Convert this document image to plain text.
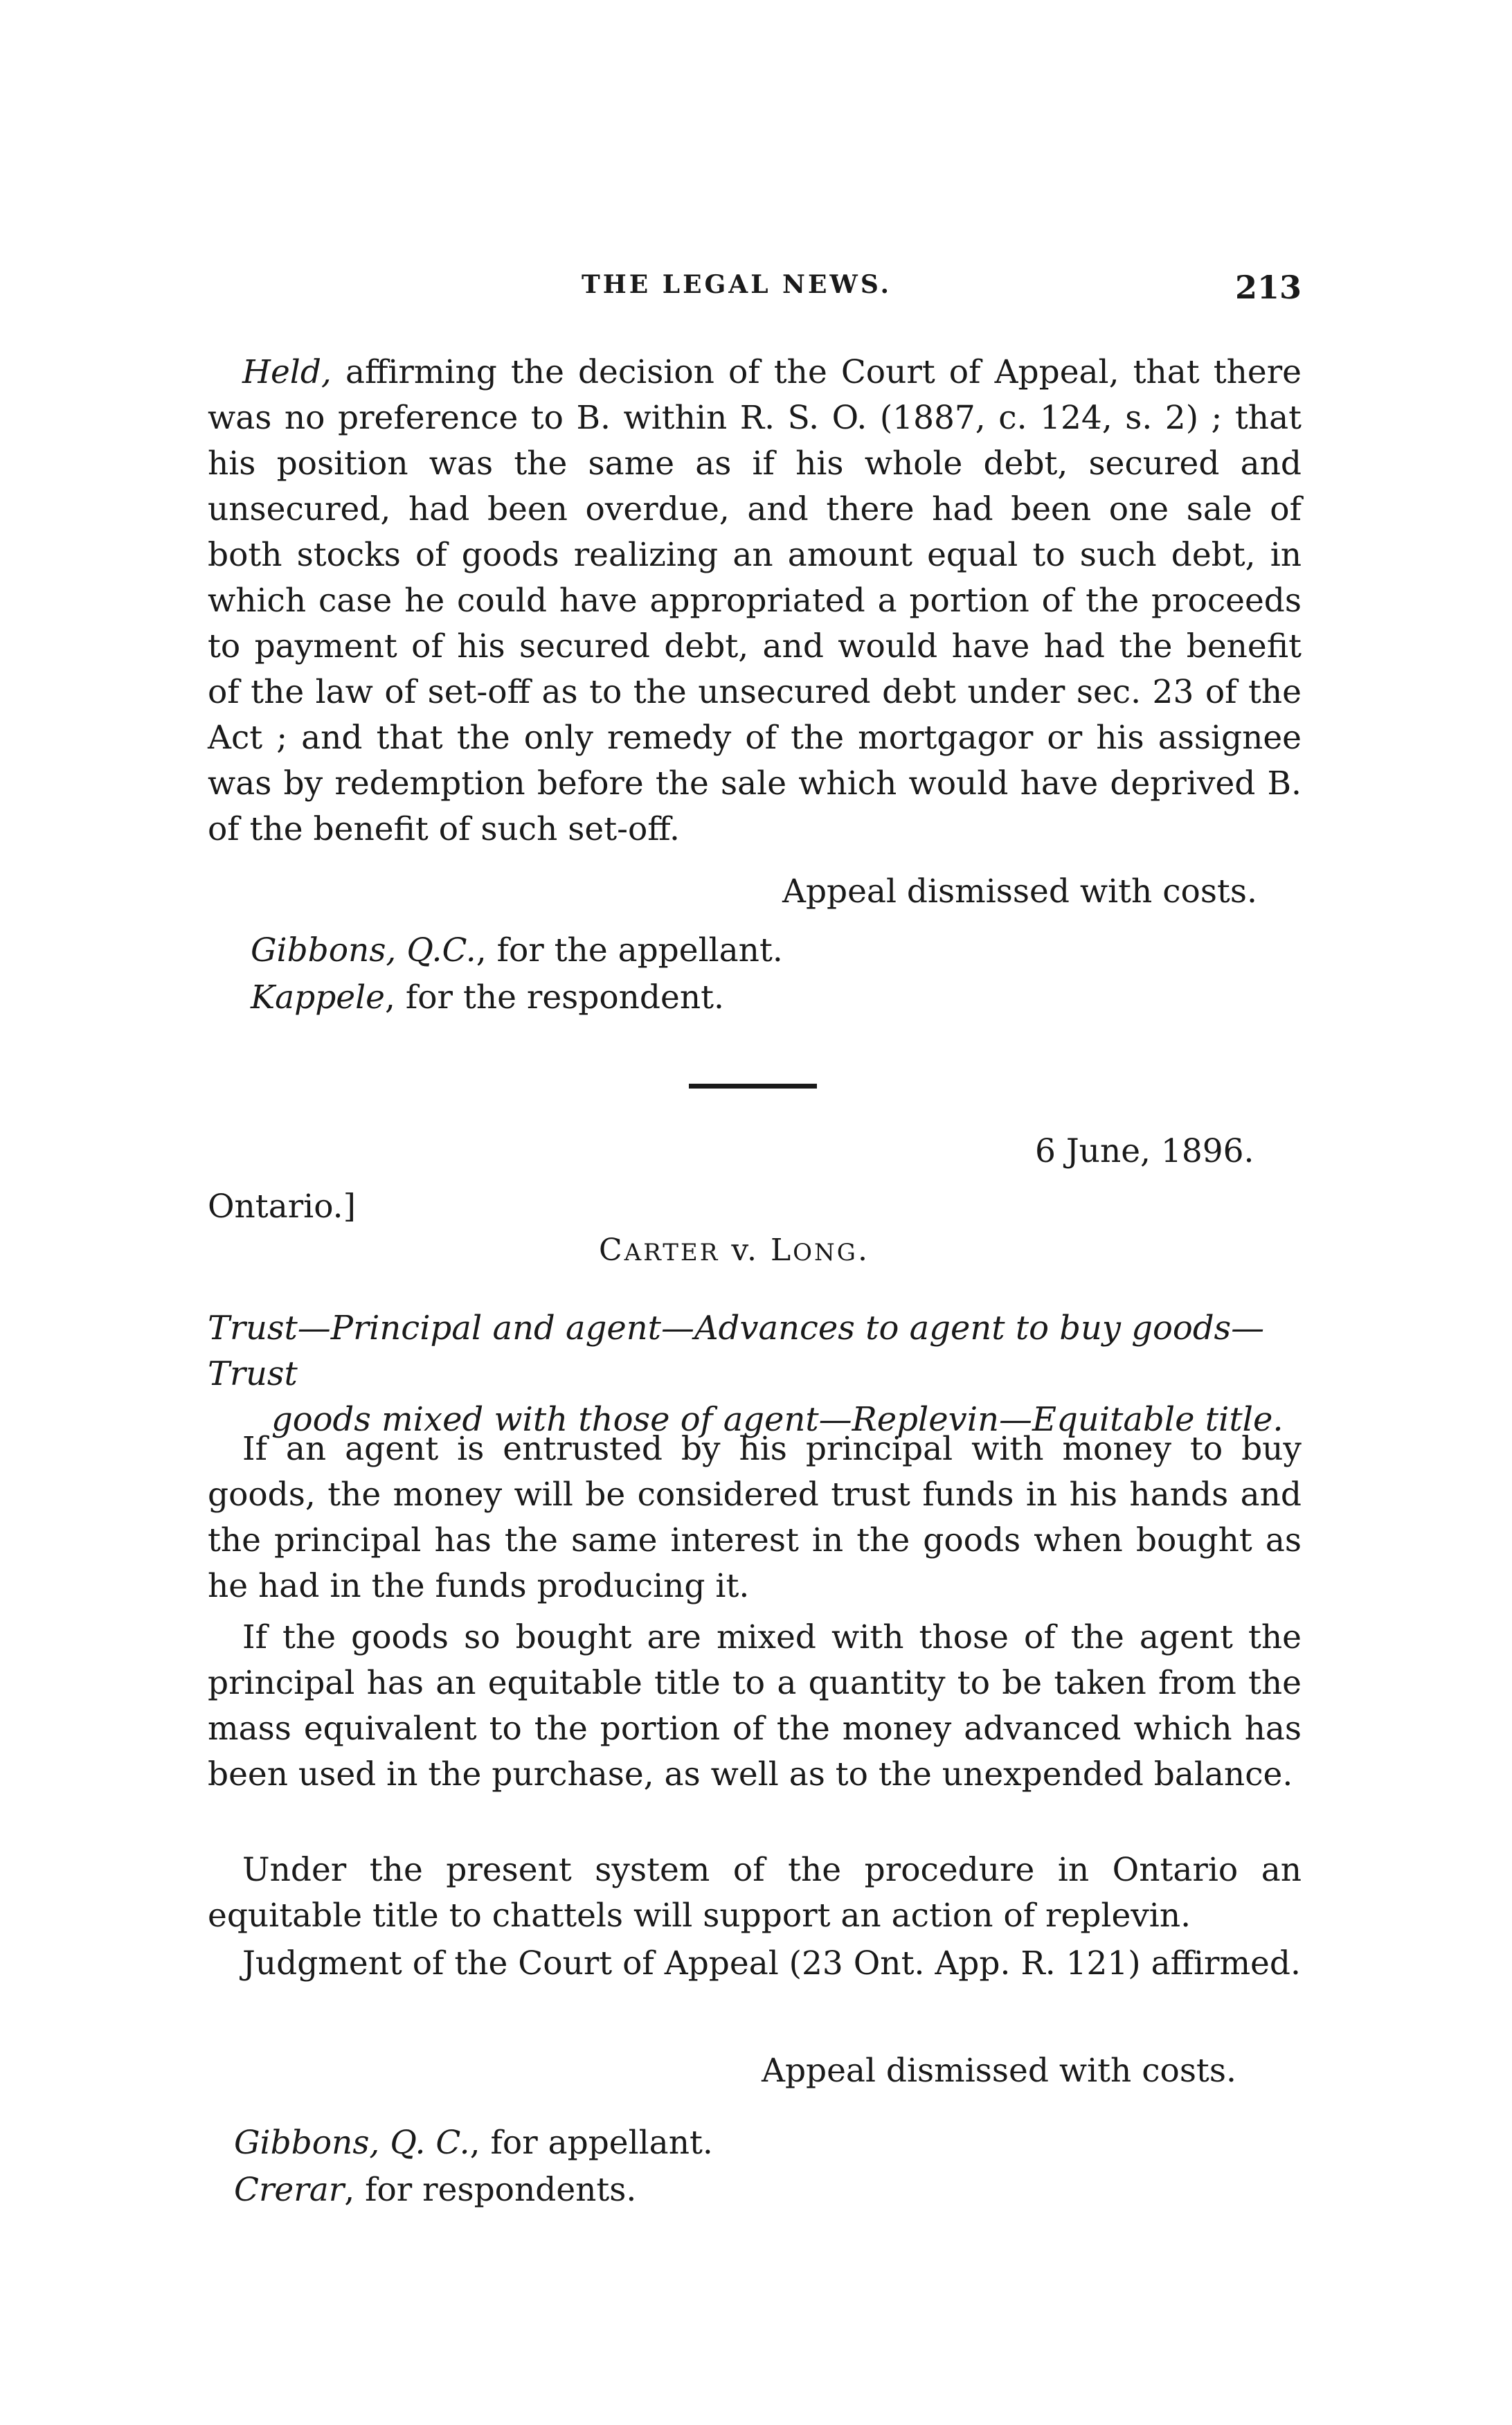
THE LEGAL NEWS.	213
Held, affirming the decision of the Court of Appeal, that there was no preference to B. within R. S. O. (1887, c. 124, s. 2) ; that his position was the same as if his whole debt, secured and unsecured, had been overdue, and there had been one sale of both stocks of goods realizing an amount equal to such debt, in which case he could have appropriated a portion of the proceeds to payment of his secured debt, and would have had the benefit of the law of set-off as to the unsecured debt under sec. 23 of the Act ; and that the only remedy of the mortgagor or his assignee was by redemption before the sale which would have deprived B. of the benefit of such set-off.
Appeal dismissed with costs.
Gibbons, Q.C., for the appellant.
Kappele, for the respondent.
6 June, 1896.
Ontario.]
CARTER v. LONG.
Trust—Principal and agent—Advances to agent to buy goods—Trust
goods mixed with those of agent—Replevin—Equitable title.
If an agent is entrusted by his principal with money to buy goods, the money will be considered trust funds in his hands and the principal has the same interest in the goods when bought as he had in the funds producing it.
If the goods so bought are mixed with those of the agent the principal has an equitable title to a quantity to be taken from the mass equivalent to the portion of the money advanced which has been used in the purchase, as well as to the unexpended balance.
Under the present system of the procedure in Ontario an equitable title to chattels will support an action of replevin.
Judgment of the Court of Appeal (23 Ont. App. R. 121) affirmed.
Appeal dismissed with costs.
Gibbons, Q. C., for appellant.
Crerar, for respondents.
